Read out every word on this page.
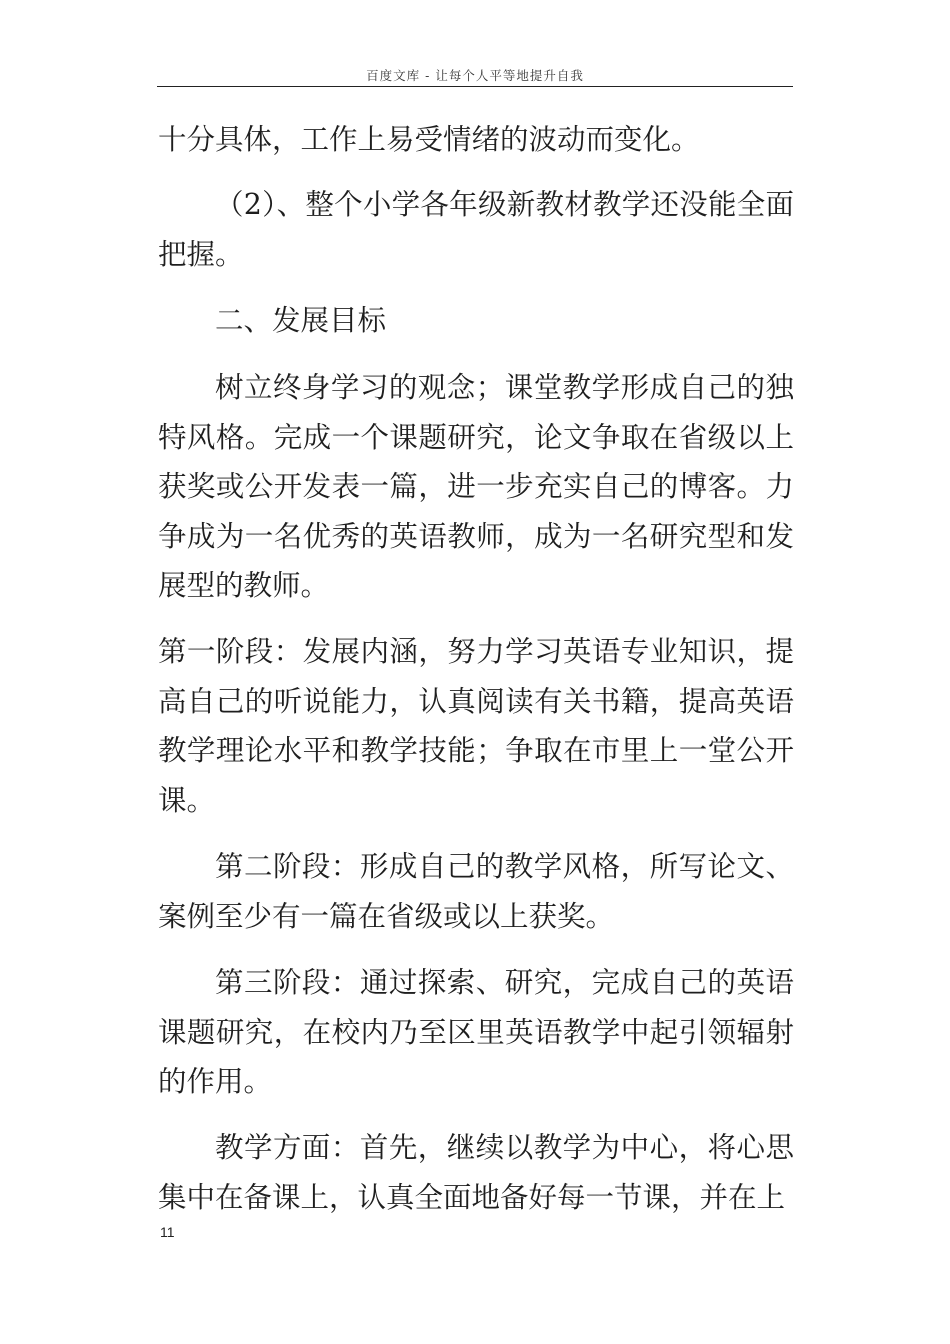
百度文库 - 让每个人平等地提升自我

十分具体，工作上易受情绪的波动而变化。

（2）、整个小学各年级新教材教学还没能全面把握。

二、发展目标

树立终身学习的观念；课堂教学形成自己的独特风格。完成一个课题研究，论文争取在省级以上获奖或公开发表一篇，进一步充实自己的博客。力争成为一名优秀的英语教师，成为一名研究型和发展型的教师。

第一阶段：发展内涵，努力学习英语专业知识，提高自己的听说能力，认真阅读有关书籍，提高英语教学理论水平和教学技能；争取在市里上一堂公开课。

第二阶段：形成自己的教学风格，所写论文、案例至少有一篇在省级或以上获奖。

第三阶段：通过探索、研究，完成自己的英语课题研究，在校内乃至区里英语教学中起引领辐射的作用。

教学方面：首先，继续以教学为中心，将心思集中在备课上，认真全面地备好每一节课，并在上

11
